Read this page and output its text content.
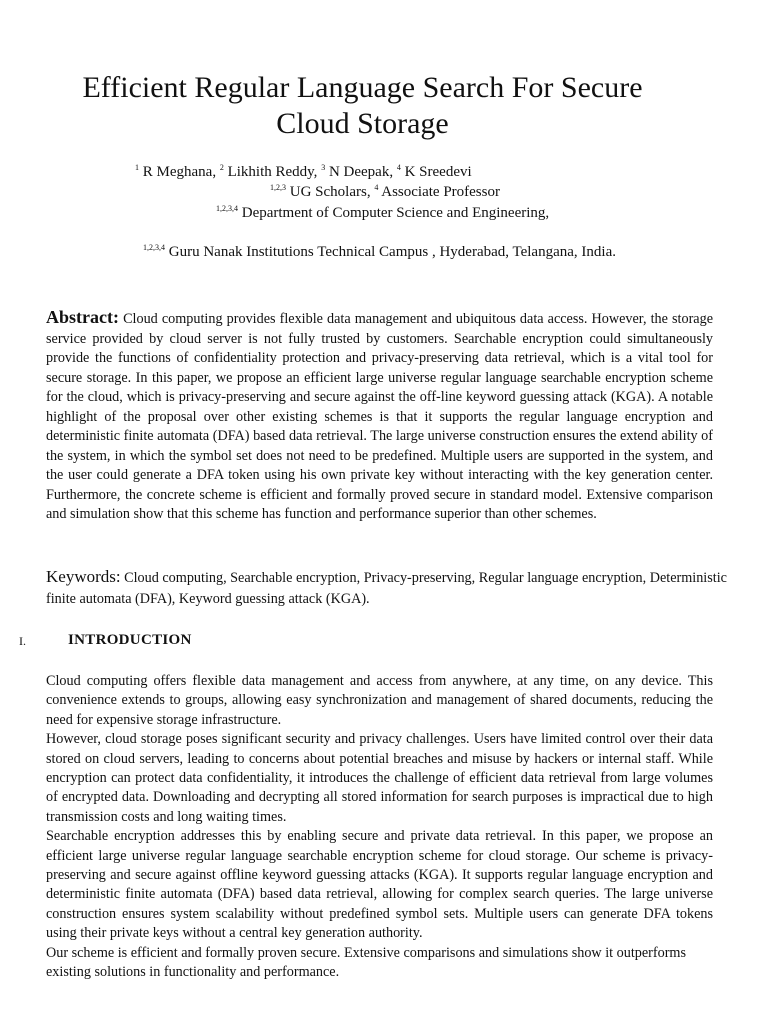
Efficient Regular Language Search For Secure
Cloud Storage
$^1$ R Meghana, $^2$ Likhith Reddy, $^3$ N Deepak, $^4$ K Sreedevi
$^{1,2,3}$ UG Scholars, $^4$ Associate Professor
$^{1,2,3,4}$ Department of Computer Science and Engineering,
$^{1,2,3,4}$ Guru Nanak Institutions Technical Campus , Hyderabad, Telangana, India.

Abstract: Cloud computing provides flexible data management and ubiquitous data access. However, the storage service provided by cloud server is not fully trusted by customers. Searchable encryption could simultaneously provide the functions of confidentiality protection and privacy-preserving data retrieval, which is a vital tool for secure storage. In this paper, we propose an efficient large universe regular language searchable encryption scheme for the cloud, which is privacy-preserving and secure against the off-line keyword guessing attack (KGA). A notable highlight of the proposal over other existing schemes is that it supports the regular language encryption and deterministic finite automata (DFA) based data retrieval. The large universe construction ensures the extend ability of the system, in which the symbol set does not need to be predefined. Multiple users are supported in the system, and the user could generate a DFA token using his own private key without interacting with the key generation center. Furthermore, the concrete scheme is efficient and formally proved secure in standard model. Extensive comparison and simulation show that this scheme has function and performance superior than other schemes.

Keywords: Cloud computing, Searchable encryption, Privacy-preserving, Regular language encryption, Deterministic finite automata (DFA), Keyword guessing attack (KGA).

I.	INTRODUCTION

Cloud computing offers flexible data management and access from anywhere, at any time, on any device. This convenience extends to groups, allowing easy synchronization and management of shared documents, reducing the need for expensive storage infrastructure.

However, cloud storage poses significant security and privacy challenges. Users have limited control over their data stored on cloud servers, leading to concerns about potential breaches and misuse by hackers or internal staff. While encryption can protect data confidentiality, it introduces the challenge of efficient data retrieval from large volumes of encrypted data. Downloading and decrypting all stored information for search purposes is impractical due to high transmission costs and long waiting times.

Searchable encryption addresses this by enabling secure and private data retrieval. In this paper, we propose an efficient large universe regular language searchable encryption scheme for cloud storage. Our scheme is privacy-preserving and secure against offline keyword guessing attacks (KGA). It supports regular language encryption and deterministic finite automata (DFA) based data retrieval, allowing for complex search queries. The large universe construction ensures system scalability without predefined symbol sets. Multiple users can generate DFA tokens using their private keys without a central key generation authority.

Our scheme is efficient and formally proven secure. Extensive comparisons and simulations show it outperforms existing solutions in functionality and performance.
